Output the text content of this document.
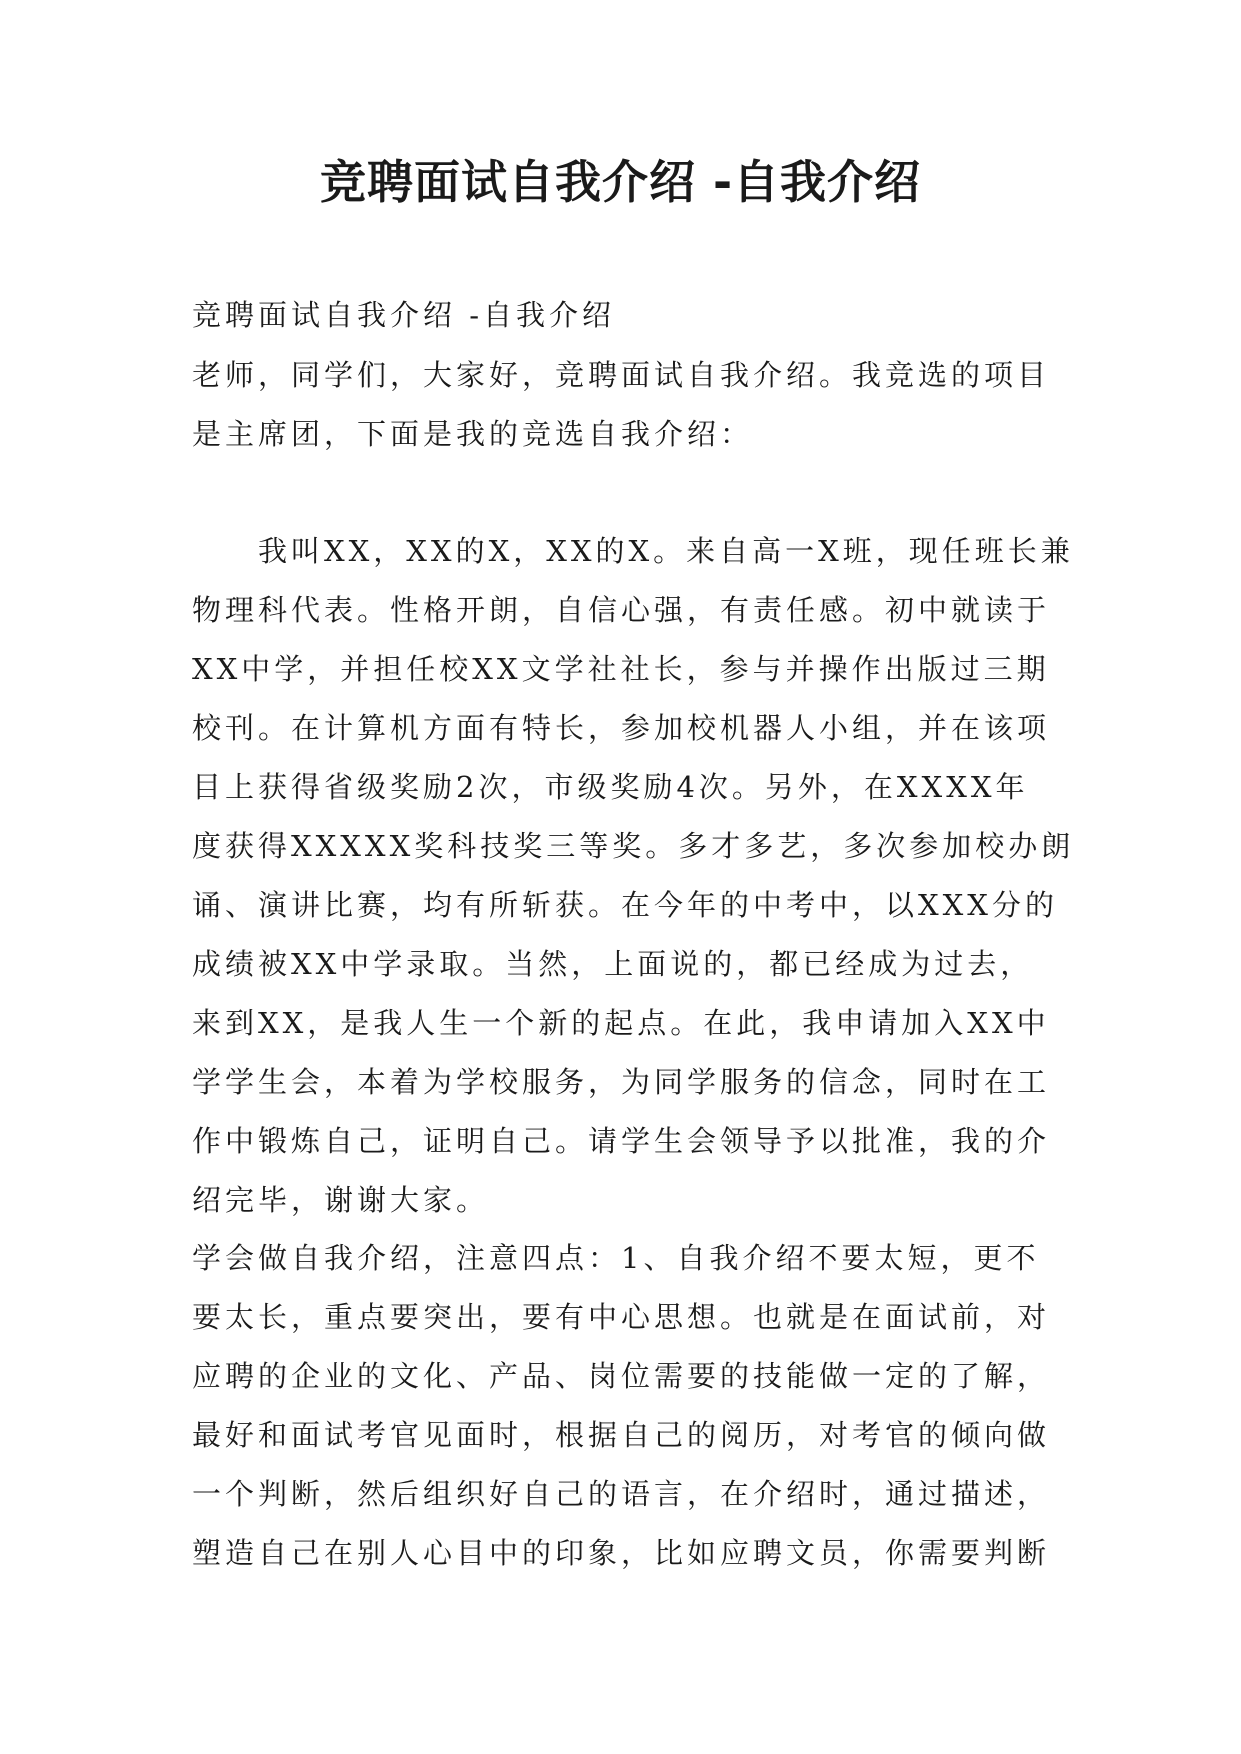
竞聘面试自我介绍 -自我介绍
竞聘面试自我介绍 -自我介绍
老师，同学们，大家好，竞聘面试自我介绍。我竞选的项目
是主席团，下面是我的竞选自我介绍：
　　我叫XX，XX的X，XX的X。来自高一X班，现任班长兼
物理科代表。性格开朗，自信心强，有责任感。初中就读于
XX中学，并担任校XX文学社社长，参与并操作出版过三期
校刊。在计算机方面有特长，参加校机器人小组，并在该项
目上获得省级奖励2次，市级奖励4次。另外，在XXXX年
度获得XXXXX奖科技奖三等奖。多才多艺，多次参加校办朗
诵、演讲比赛，均有所斩获。在今年的中考中，以XXX分的
成绩被XX中学录取。当然，上面说的，都已经成为过去，
来到XX，是我人生一个新的起点。在此，我申请加入XX中
学学生会，本着为学校服务，为同学服务的信念，同时在工
作中锻炼自己，证明自己。请学生会领导予以批准，我的介
绍完毕，谢谢大家。
学会做自我介绍，注意四点：1、自我介绍不要太短，更不
要太长，重点要突出，要有中心思想。也就是在面试前，对
应聘的企业的文化、产品、岗位需要的技能做一定的了解，
最好和面试考官见面时，根据自己的阅历，对考官的倾向做
一个判断，然后组织好自己的语言，在介绍时，通过描述，
塑造自己在别人心目中的印象，比如应聘文员，你需要判断
